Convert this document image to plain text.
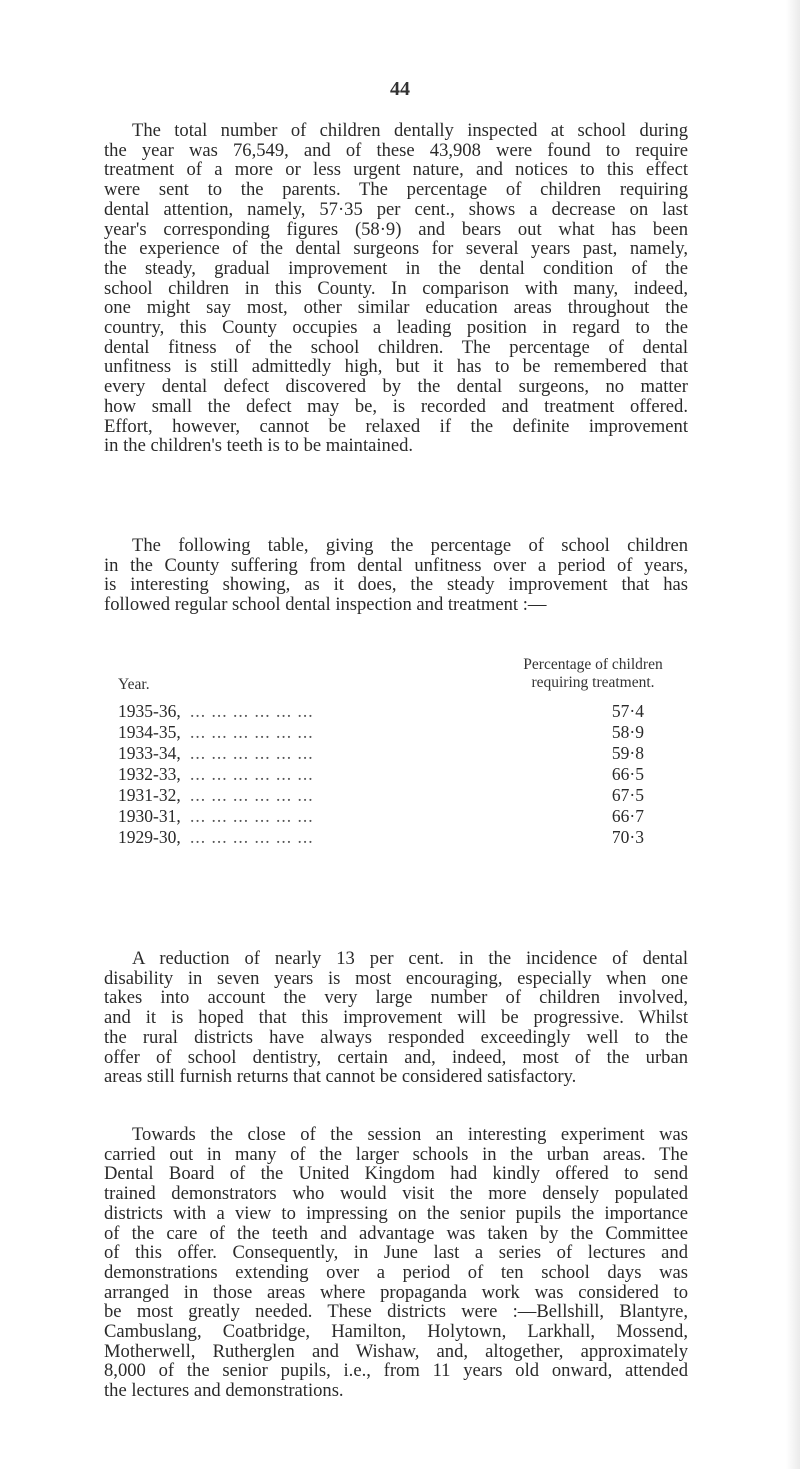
44
The total number of children dentally inspected at school during
the year was 76,549, and of these 43,908 were found to require
treatment of a more or less urgent nature, and notices to this effect
were sent to the parents. The percentage of children requiring
dental attention, namely, 57·35 per cent., shows a decrease on last
year's corresponding figures (58·9) and bears out what has been
the experience of the dental surgeons for several years past, namely,
the steady, gradual improvement in the dental condition of the
school children in this County. In comparison with many, indeed,
one might say most, other similar education areas throughout the
country, this County occupies a leading position in regard to the
dental fitness of the school children. The percentage of dental
unfitness is still admittedly high, but it has to be remembered that
every dental defect discovered by the dental surgeons, no matter
how small the defect may be, is recorded and treatment offered.
Effort, however, cannot be relaxed if the definite improvement
in the children's teeth is to be maintained.
The following table, giving the percentage of school children
in the County suffering from dental unfitness over a period of years,
is interesting showing, as it does, the steady improvement that has
followed regular school dental inspection and treatment :—
Percentage of children
requiring treatment.
Year.
1935-36, ... ... ... ... ... ...	57·4
1934-35, ... ... ... ... ... ...	58·9
1933-34, ... ... ... ... ... ...	59·8
1932-33, ... ... ... ... ... ...	66·5
1931-32, ... ... ... ... ... ...	67·5
1930-31, ... ... ... ... ... ...	66·7
1929-30, ... ... ... ... ... ...	70·3
A reduction of nearly 13 per cent. in the incidence of dental
disability in seven years is most encouraging, especially when one
takes into account the very large number of children involved,
and it is hoped that this improvement will be progressive. Whilst
the rural districts have always responded exceedingly well to the
offer of school dentistry, certain and, indeed, most of the urban
areas still furnish returns that cannot be considered satisfactory.
Towards the close of the session an interesting experiment was
carried out in many of the larger schools in the urban areas. The
Dental Board of the United Kingdom had kindly offered to send
trained demonstrators who would visit the more densely populated
districts with a view to impressing on the senior pupils the importance
of the care of the teeth and advantage was taken by the Committee
of this offer. Consequently, in June last a series of lectures and
demonstrations extending over a period of ten school days was
arranged in those areas where propaganda work was considered to
be most greatly needed. These districts were :—Bellshill, Blantyre,
Cambuslang, Coatbridge, Hamilton, Holytown, Larkhall, Mossend,
Motherwell, Rutherglen and Wishaw, and, altogether, approximately
8,000 of the senior pupils, i.e., from 11 years old onward, attended
the lectures and demonstrations.
